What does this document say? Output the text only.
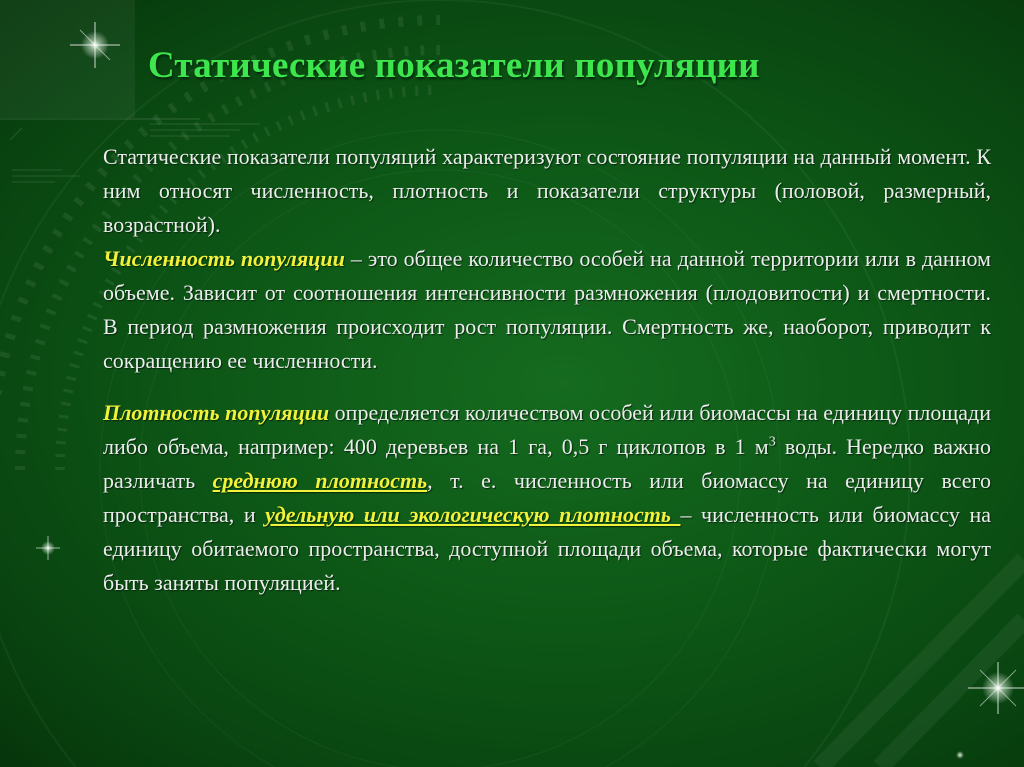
Статические показатели популяции

Статические показатели популяций характеризуют состояние популяции на данный момент. К ним относят численность, плотность и показатели структуры (половой, размерный, возрастной).

Численность популяции – это общее количество особей на данной территории или в данном объеме. Зависит от соотношения интенсивности размножения (плодовитости) и смертности. В период размножения происходит рост популяции. Смертность же, наоборот, приводит к сокращению ее численности.

Плотность популяции определяется количеством особей или биомассы на единицу площади либо объема, например: 400 деревьев на 1 га, 0,5 г циклопов в 1 $м^3$ воды. Нередко важно различать среднюю плотность, т. е. численность или биомассу на единицу всего пространства, и удельную или экологическую плотность – численность или биомассу на единицу обитаемого пространства, доступной площади объема, которые фактически могут быть заняты популяцией.
